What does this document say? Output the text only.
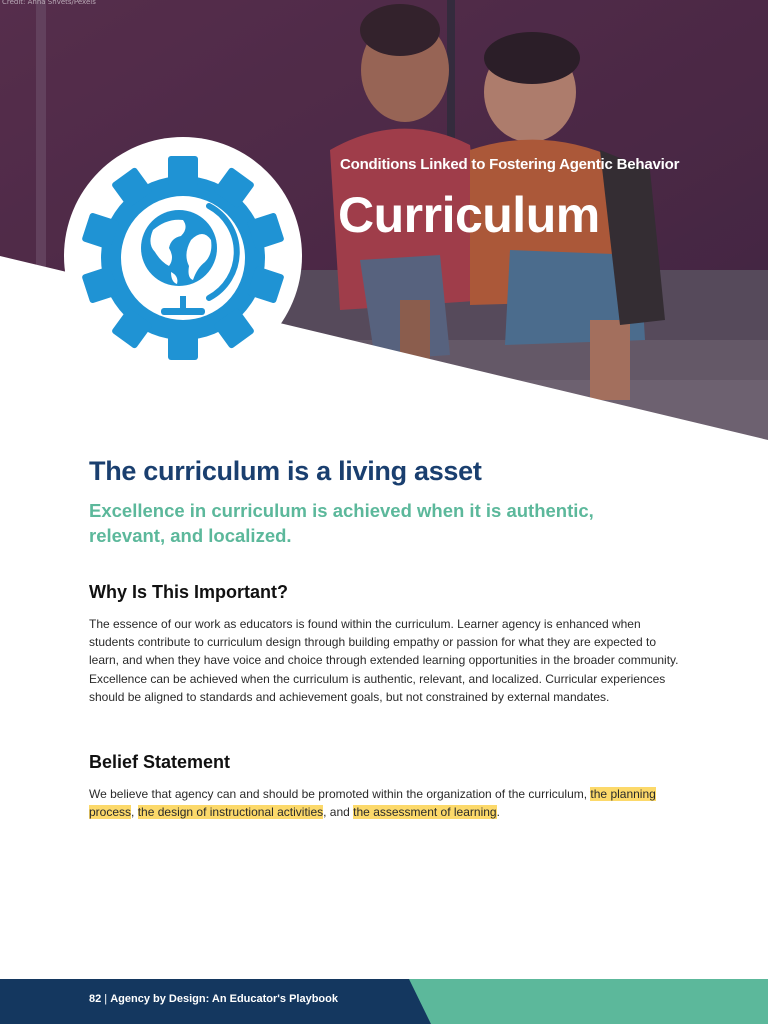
Credit: Anna Shvets/Pexels
Conditions Linked to Fostering Agentic Behavior
Curriculum
The curriculum is a living asset
Excellence in curriculum is achieved when it is authentic, relevant, and localized.
Why Is This Important?

The essence of our work as educators is found within the curriculum. Learner agency is enhanced when students contribute to curriculum design through building empathy or passion for what they are expected to learn, and when they have voice and choice through extended learning opportunities in the broader community. Excellence can be achieved when the curriculum is authentic, relevant, and localized. Curricular experiences should be aligned to standards and achievement goals, but not constrained by external mandates.

Belief Statement

We believe that agency can and should be promoted within the organization of the curriculum, the planning process, the design of instructional activities, and the assessment of learning.

82 | Agency by Design: An Educator's Playbook
